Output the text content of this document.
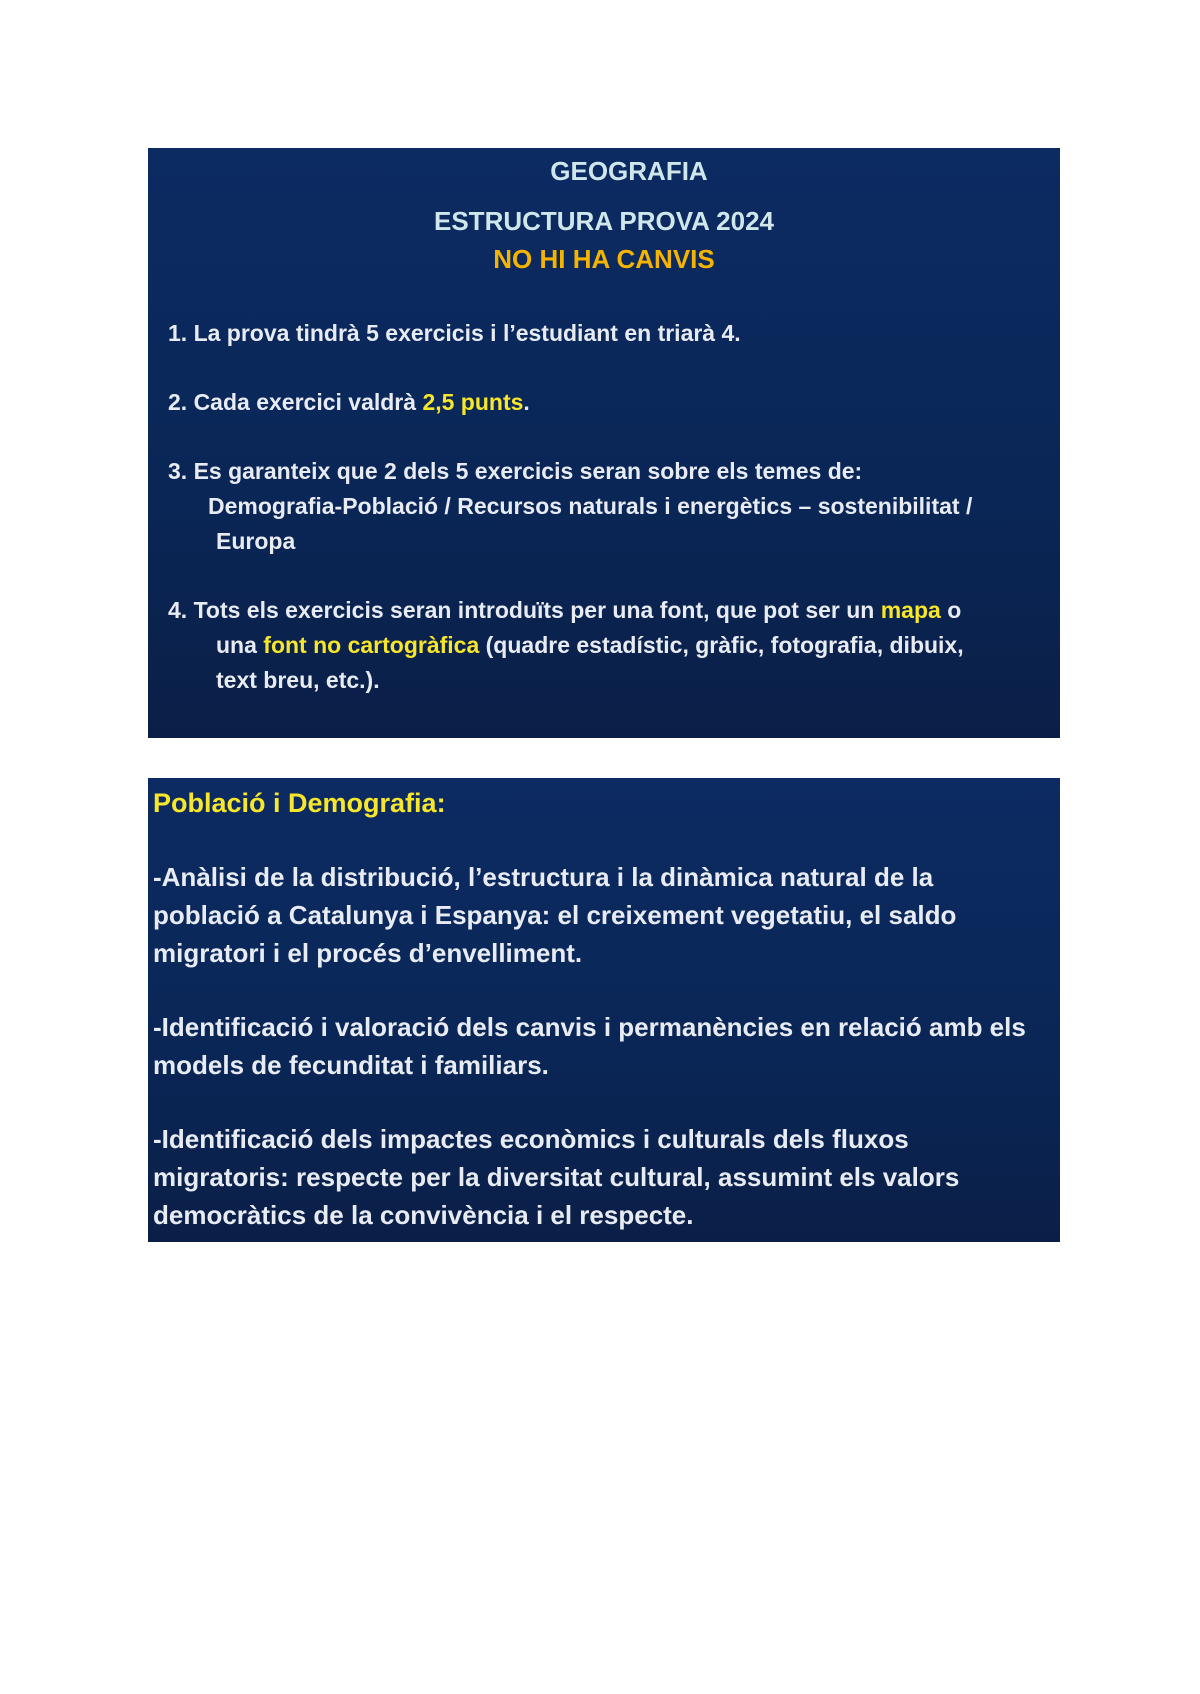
GEOGRAFIA
ESTRUCTURA PROVA 2024
NO HI HA CANVIS
1. La prova tindrà 5 exercicis i l’estudiant en triarà 4.
2. Cada exercici valdrà 2,5 punts.
3. Es garanteix que 2 dels 5 exercicis seran sobre els temes de:
Demografia-Població / Recursos naturals i energètics – sostenibilitat /
Europa
4. Tots els exercicis seran introduïts per una font, que pot ser un mapa o
una font no cartogràfica (quadre estadístic, gràfic, fotografia, dibuix,
text breu, etc.).
Població i Demografia:
-Anàlisi de la distribució, l’estructura i la dinàmica natural de la
població a Catalunya i Espanya: el creixement vegetatiu, el saldo
migratori i el procés d’envelliment.
-Identificació i valoració dels canvis i permanències en relació amb els
models de fecunditat i familiars.
-Identificació dels impactes econòmics i culturals dels fluxos
migratoris: respecte per la diversitat cultural, assumint els valors
democràtics de la convivència i el respecte.
